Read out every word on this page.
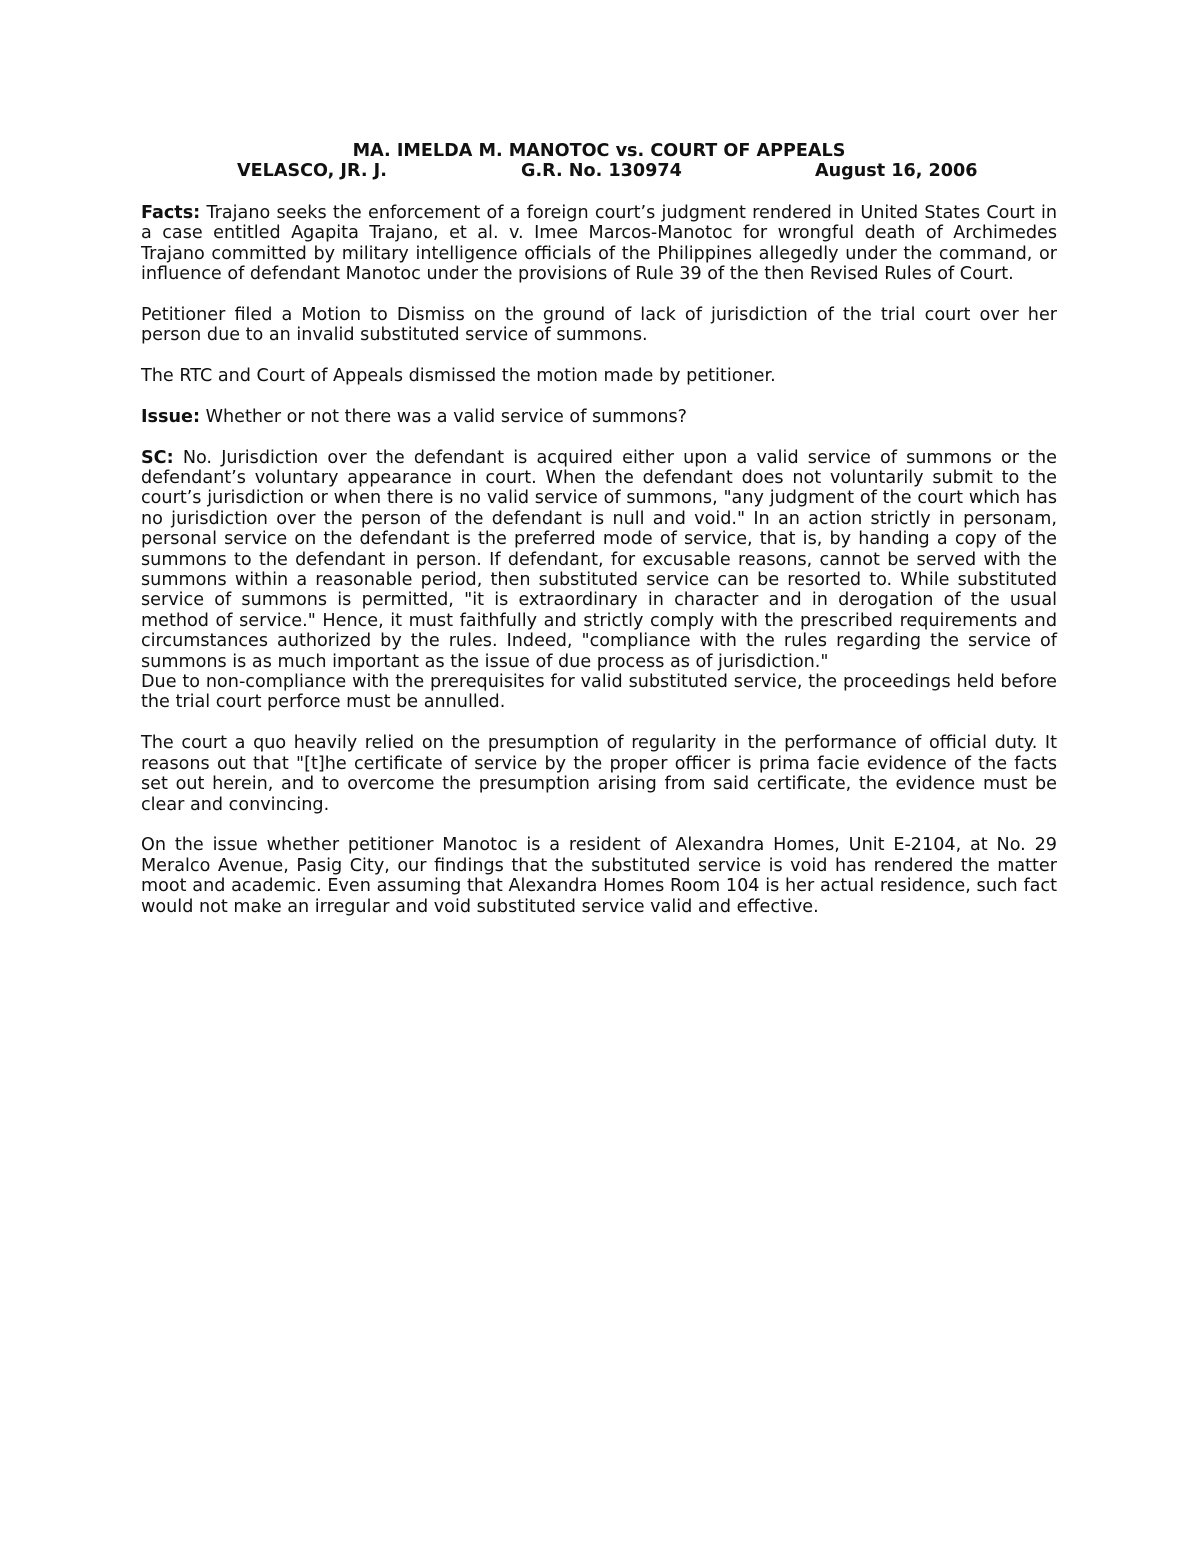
MA. IMELDA M. MANOTOC vs. COURT OF APPEALS
VELASCO, JR. J.	G.R. No. 130974	August 16, 2006

Facts: Trajano seeks the enforcement of a foreign court’s judgment rendered in United States Court in a case entitled Agapita Trajano, et al. v. Imee Marcos-Manotoc for wrongful death of Archimedes Trajano committed by military intelligence officials of the Philippines allegedly under the command, or influence of defendant Manotoc under the provisions of Rule 39 of the then Revised Rules of Court.

Petitioner filed a Motion to Dismiss on the ground of lack of jurisdiction of the trial court over her person due to an invalid substituted service of summons.

The RTC and Court of Appeals dismissed the motion made by petitioner.

Issue: Whether or not there was a valid service of summons?

SC: No. Jurisdiction over the defendant is acquired either upon a valid service of summons or the defendant’s voluntary appearance in court. When the defendant does not voluntarily submit to the court’s jurisdiction or when there is no valid service of summons, "any judgment of the court which has no jurisdiction over the person of the defendant is null and void." In an action strictly in personam, personal service on the defendant is the preferred mode of service, that is, by handing a copy of the summons to the defendant in person. If defendant, for excusable reasons, cannot be served with the summons within a reasonable period, then substituted service can be resorted to. While substituted service of summons is permitted, "it is extraordinary in character and in derogation of the usual method of service." Hence, it must faithfully and strictly comply with the prescribed requirements and circumstances authorized by the rules. Indeed, "compliance with the rules regarding the service of summons is as much important as the issue of due process as of jurisdiction."

Due to non-compliance with the prerequisites for valid substituted service, the proceedings held before the trial court perforce must be annulled.

The court a quo heavily relied on the presumption of regularity in the performance of official duty. It reasons out that "[t]he certificate of service by the proper officer is prima facie evidence of the facts set out herein, and to overcome the presumption arising from said certificate, the evidence must be clear and convincing.

On the issue whether petitioner Manotoc is a resident of Alexandra Homes, Unit E-2104, at No. 29 Meralco Avenue, Pasig City, our findings that the substituted service is void has rendered the matter moot and academic. Even assuming that Alexandra Homes Room 104 is her actual residence, such fact would not make an irregular and void substituted service valid and effective.
